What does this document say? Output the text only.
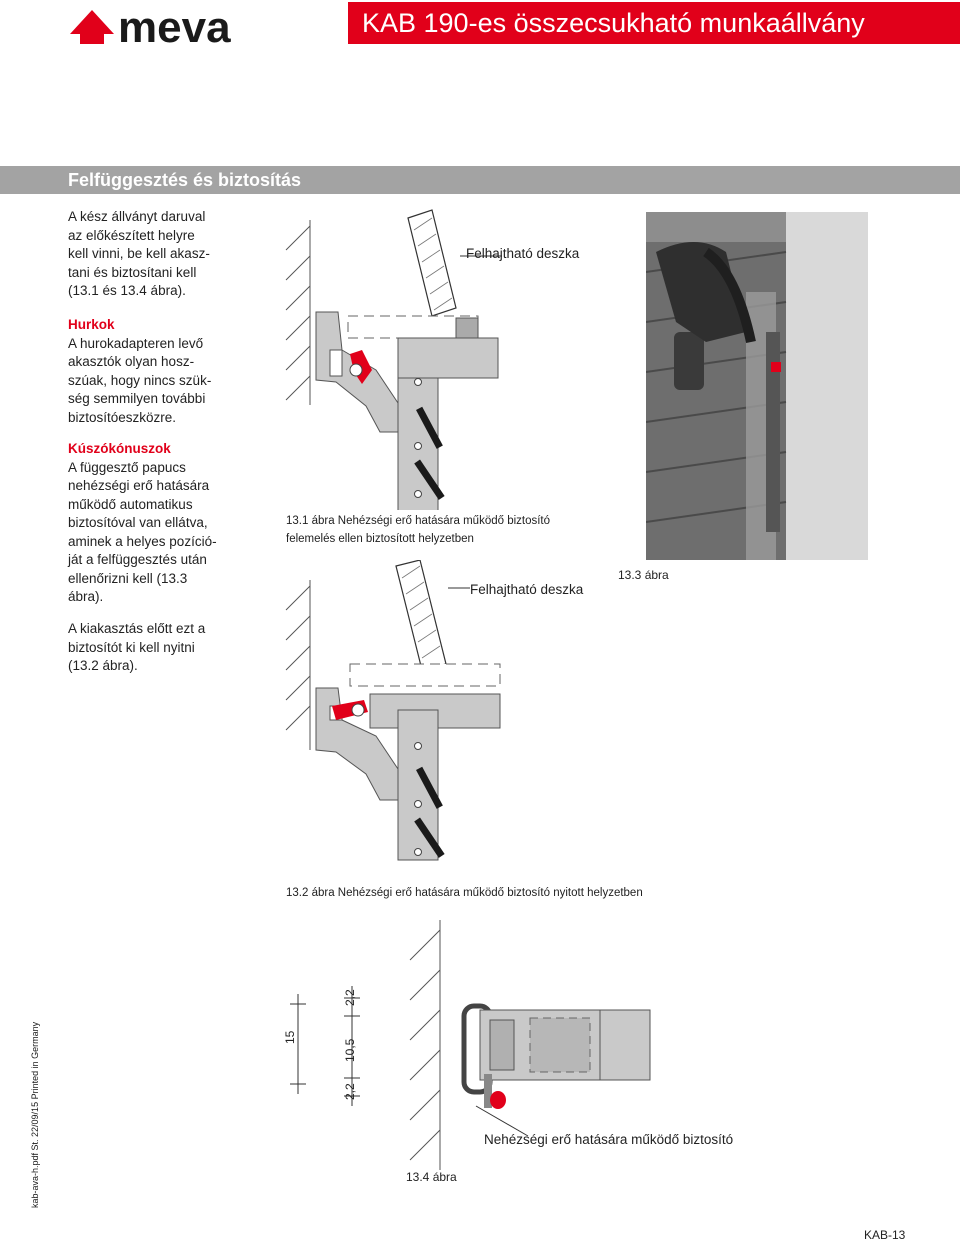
meva	KAB 190-es összecsukható munkaállvány
Felfüggesztés és biztosítás

A kész állványt daruval

az előkészített helyre

kell vinni, be kell akasz-

tani és biztosítani kell

(13.1 és 13.4 ábra).

Hurkok

A hurokadapteren levő

akasztók olyan hosz-

szúak, hogy nincs szük-

ség semmilyen további

biztosítóeszközre.

Kúszókónuszok

A függesztő papucs

nehézségi erő hatására

működő automatikus

biztosítóval van ellátva,

aminek a helyes pozíció-

ját a felfüggesztés után

ellenőrizni kell (13.3

ábra).

A kiakasztás előtt ezt a

biztosítót ki kell nyitni

(13.2 ábra).

Felhajtható deszka
13.1 ábra Nehézségi erő hatására működő biztosító
felemelés ellen biztosított helyzetben
13.3 ábra
Felhajtható deszka
13.2 ábra Nehézségi erő hatására működő biztosító nyitott helyzetben
15
2,2
10,5
2,2
Nehézségi erő hatására működő biztosító
13.4 ábra
kab-ava-h.pdf St. 22/09/15 Printed in Germany
KAB-13
